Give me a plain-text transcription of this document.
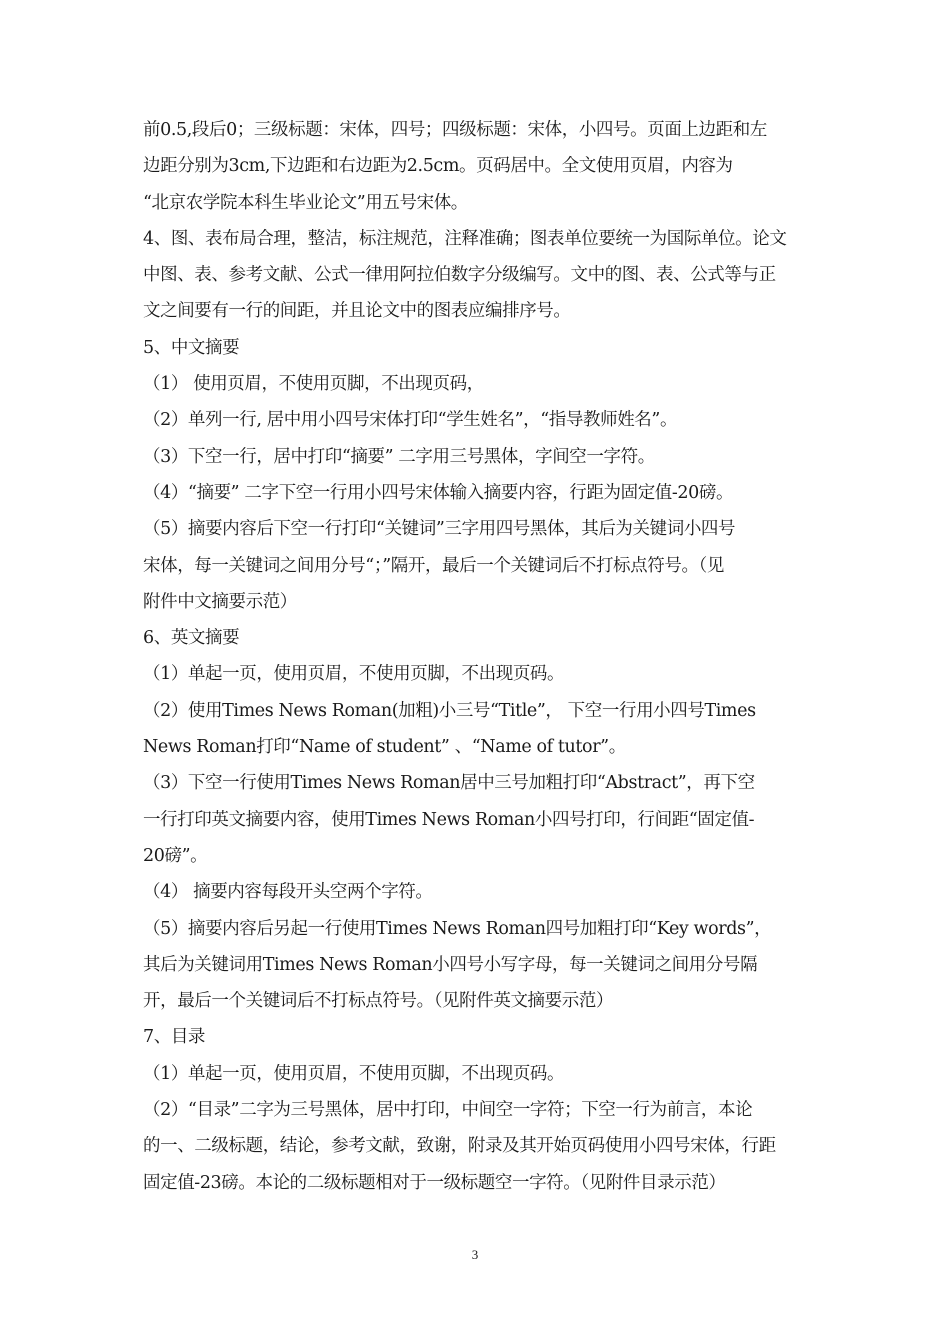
前0.5,段后0；三级标题：宋体，四号；四级标题：宋体，小四号。页面上边距和左
边距分别为3cm,下边距和右边距为2.5cm。页码居中。全文使用页眉，内容为
“北京农学院本科生毕业论文”用五号宋体。
4、图、表布局合理，整洁，标注规范，注释准确；图表单位要统一为国际单位。论文
中图、表、参考文献、公式一律用阿拉伯数字分级编写。文中的图、表、公式等与正
文之间要有一行的间距，并且论文中的图表应编排序号。
5、中文摘要
（1） 使用页眉，不使用页脚，不出现页码，
（2）单列一行, 居中用小四号宋体打印“学生姓名”，“指导教师姓名”。
（3）下空一行，居中打印“摘要” 二字用三号黑体，字间空一字符。
（4）“摘要” 二字下空一行用小四号宋体输入摘要内容，行距为固定值-20磅。
（5）摘要内容后下空一行打印“关键词”三字用四号黑体，其后为关键词小四号
宋体，每一关键词之间用分号“；”隔开，最后一个关键词后不打标点符号。（见
附件中文摘要示范）
6、英文摘要
（1）单起一页，使用页眉，不使用页脚，不出现页码。
（2）使用Times News Roman(加粗)小三号“Title”， 下空一行用小四号Times
News Roman打印“Name of student” 、“Name of tutor”。
（3）下空一行使用Times News Roman居中三号加粗打印“Abstract”，再下空
一行打印英文摘要内容，使用Times News Roman小四号打印，行间距“固定值-
20磅”。
（4） 摘要内容每段开头空两个字符。
（5）摘要内容后另起一行使用Times News Roman四号加粗打印“Key words”，
其后为关键词用Times News Roman小四号小写字母，每一关键词之间用分号隔
开，最后一个关键词后不打标点符号。（见附件英文摘要示范）
7、目录
（1）单起一页，使用页眉，不使用页脚，不出现页码。
（2）“目录”二字为三号黑体，居中打印，中间空一字符；下空一行为前言，本论
的一、二级标题，结论，参考文献，致谢，附录及其开始页码使用小四号宋体，行距
固定值-23磅。本论的二级标题相对于一级标题空一字符。（见附件目录示范）
3
